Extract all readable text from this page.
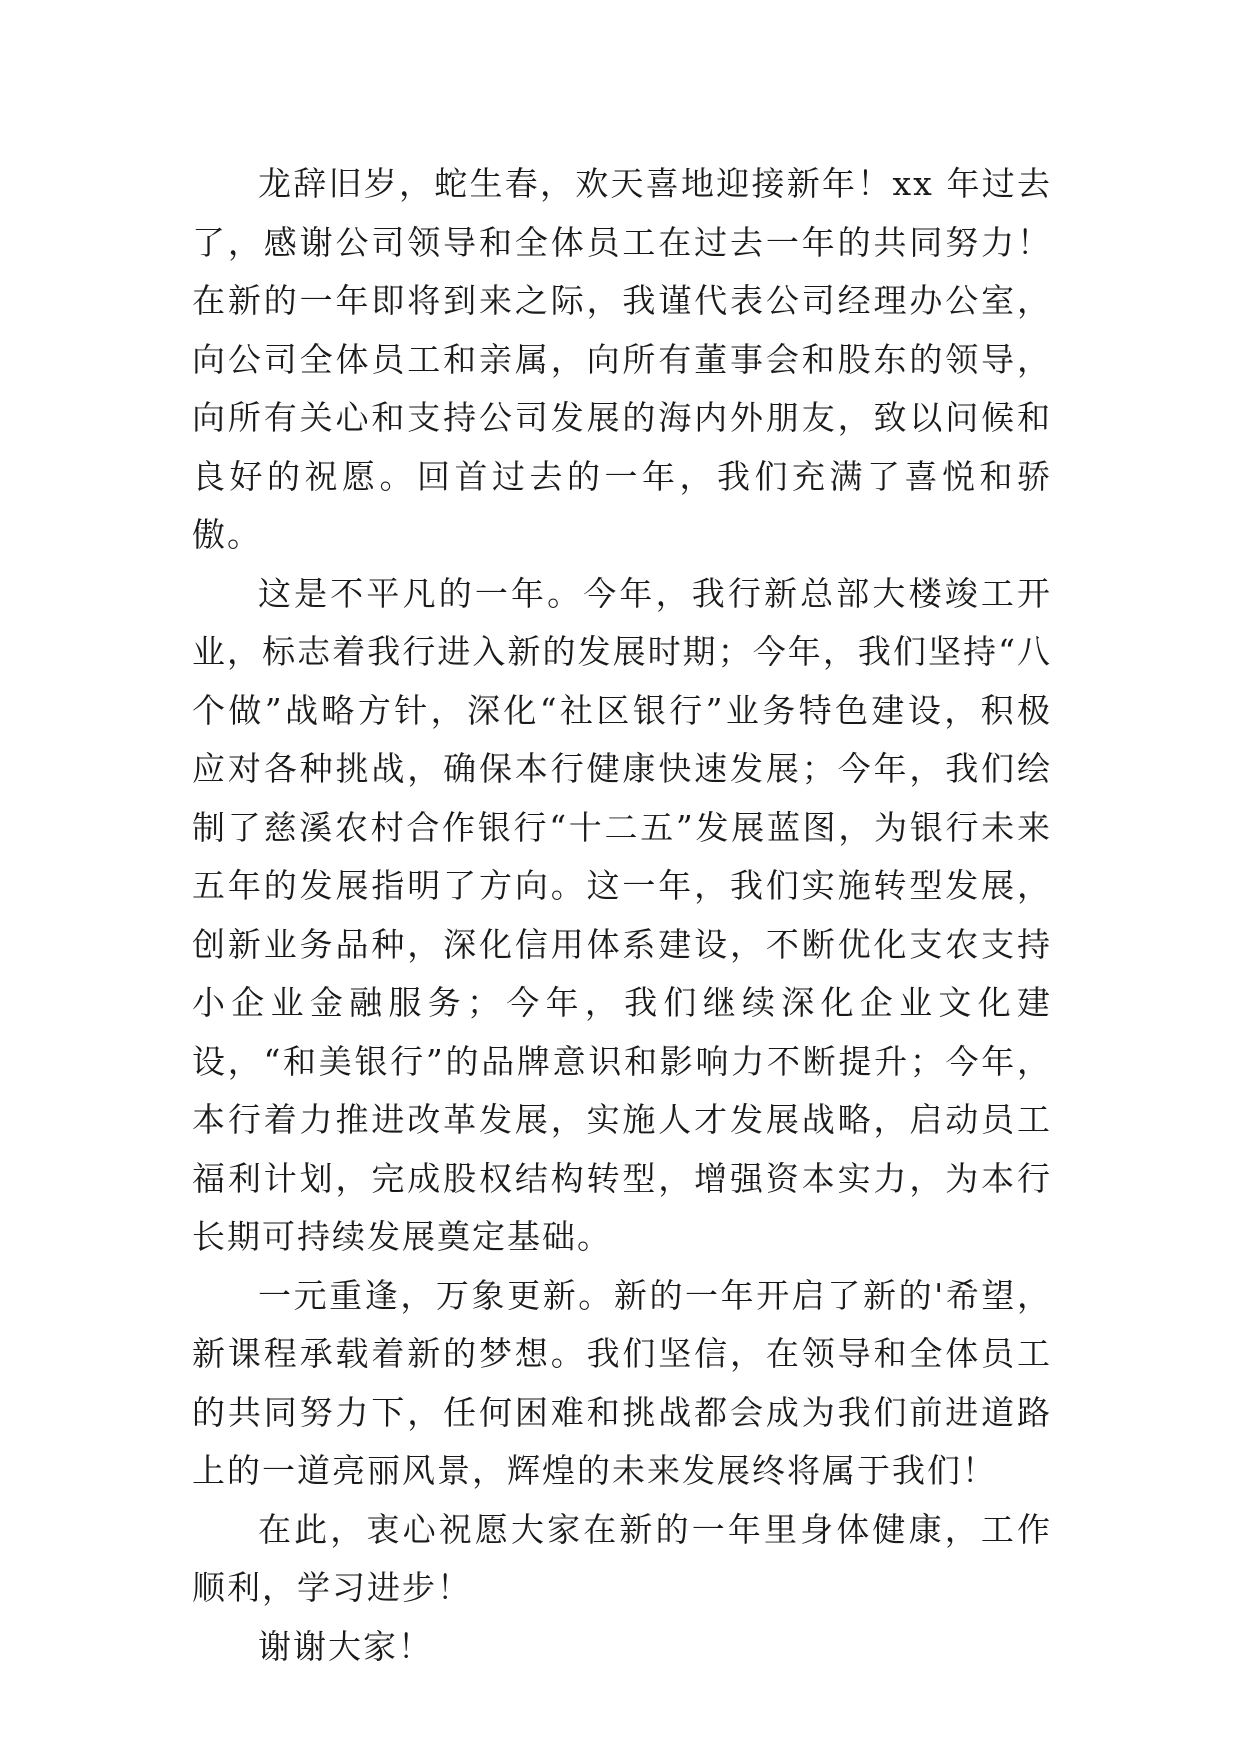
龙辞旧岁，蛇生春，欢天喜地迎接新年！xx 年过去了，感谢公司领导和全体员工在过去一年的共同努力！在新的一年即将到来之际，我谨代表公司经理办公室，向公司全体员工和亲属，向所有董事会和股东的领导，向所有关心和支持公司发展的海内外朋友，致以问候和良好的祝愿。回首过去的一年，我们充满了喜悦和骄傲。

这是不平凡的一年。今年，我行新总部大楼竣工开业，标志着我行进入新的发展时期；今年，我们坚持“八个做”战略方针，深化“社区银行”业务特色建设，积极应对各种挑战，确保本行健康快速发展；今年，我们绘制了慈溪农村合作银行“十二五”发展蓝图，为银行未来五年的发展指明了方向。这一年，我们实施转型发展，创新业务品种，深化信用体系建设，不断优化支农支持小企业金融服务；今年，我们继续深化企业文化建设，“和美银行”的品牌意识和影响力不断提升；今年，本行着力推进改革发展，实施人才发展战略，启动员工福利计划，完成股权结构转型，增强资本实力，为本行长期可持续发展奠定基础。

一元重逢，万象更新。新的一年开启了新的'希望，新课程承载着新的梦想。我们坚信，在领导和全体员工的共同努力下，任何困难和挑战都会成为我们前进道路上的一道亮丽风景，辉煌的未来发展终将属于我们！

在此，衷心祝愿大家在新的一年里身体健康，工作顺利，学习进步！

谢谢大家！
